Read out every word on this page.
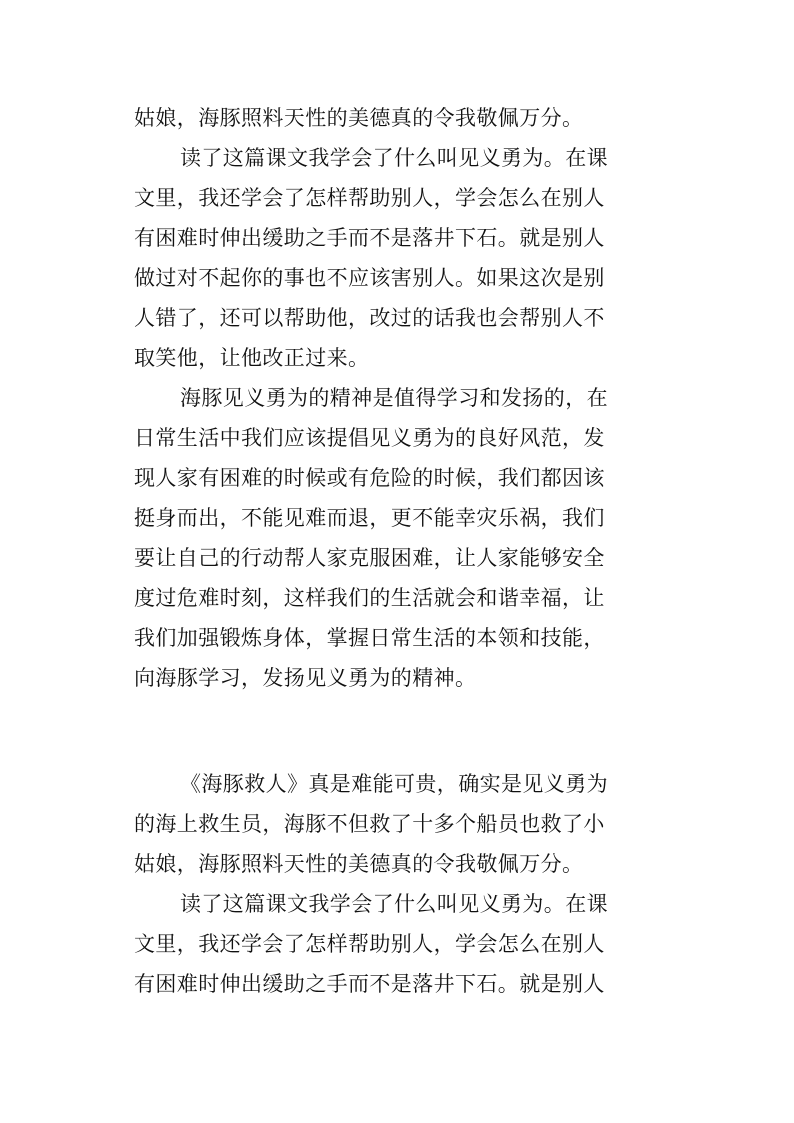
姑娘，海豚照料天性的美德真的令我敬佩万分。
读了这篇课文我学会了什么叫见义勇为。在课
文里，我还学会了怎样帮助别人，学会怎么在别人
有困难时伸出缓助之手而不是落井下石。就是别人
做过对不起你的事也不应该害别人。如果这次是别
人错了，还可以帮助他，改过的话我也会帮别人不
取笑他，让他改正过来。
海豚见义勇为的精神是值得学习和发扬的，在
日常生活中我们应该提倡见义勇为的良好风范，发
现人家有困难的时候或有危险的时候，我们都因该
挺身而出，不能见难而退，更不能幸灾乐祸，我们
要让自己的行动帮人家克服困难，让人家能够安全
度过危难时刻，这样我们的生活就会和谐幸福，让
我们加强锻炼身体，掌握日常生活的本领和技能，
向海豚学习，发扬见义勇为的精神。
《海豚救人》真是难能可贵，确实是见义勇为
的海上救生员，海豚不但救了十多个船员也救了小
姑娘，海豚照料天性的美德真的令我敬佩万分。
读了这篇课文我学会了什么叫见义勇为。在课
文里，我还学会了怎样帮助别人，学会怎么在别人
有困难时伸出缓助之手而不是落井下石。就是别人
